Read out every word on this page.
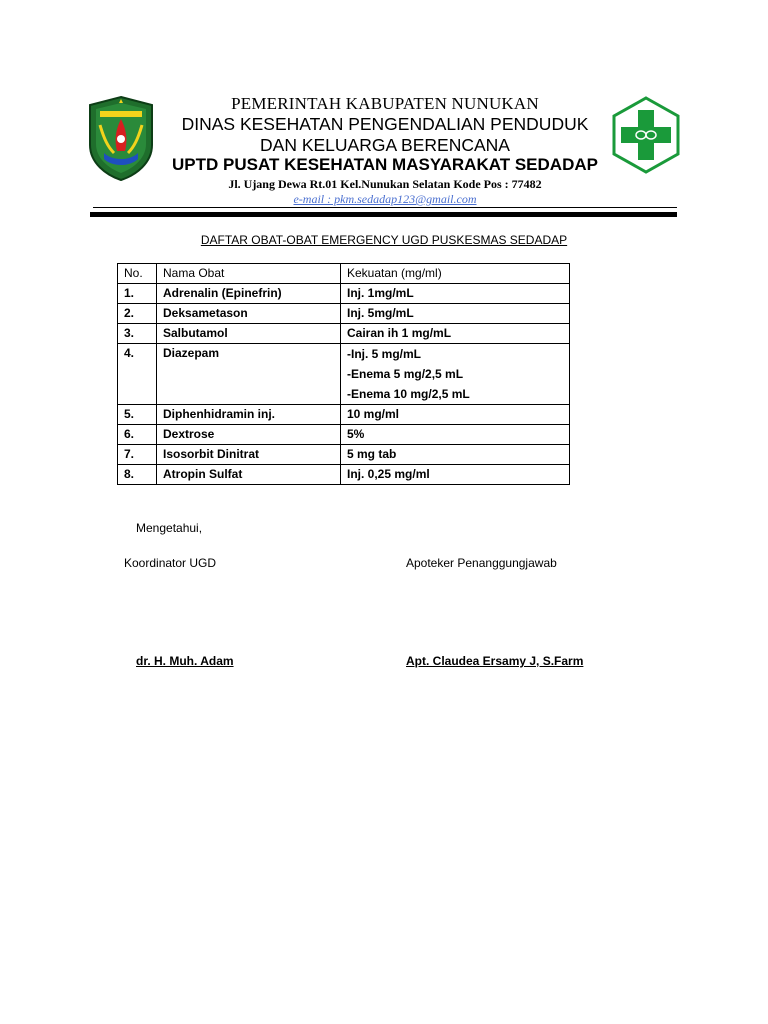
PEMERINTAH KABUPATEN NUNUKAN
DINAS KESEHATAN PENGENDALIAN PENDUDUK
DAN KELUARGA BERENCANA
UPTD PUSAT KESEHATAN MASYARAKAT SEDADAP
Jl. Ujang Dewa Rt.01 Kel.Nunukan Selatan Kode Pos : 77482
e-mail : pkm.sedadap123@gmail.com
DAFTAR OBAT-OBAT EMERGENCY UGD PUSKESMAS SEDADAP
No.	Nama Obat	Kekuatan (mg/ml)
1.	Adrenalin (Epinefrin)	Inj. 1mg/mL
2.	Deksametason	Inj. 5mg/mL
3.	Salbutamol	Cairan ih 1 mg/mL
4.	Diazepam	-Inj. 5 mg/mL
-Enema 5 mg/2,5 mL
-Enema 10 mg/2,5 mL

5.	Diphenhidramin inj.	10 mg/ml
6.	Dextrose	5%
7.	Isosorbit Dinitrat	5 mg tab
8.	Atropin Sulfat	Inj. 0,25 mg/ml
Mengetahui,
Koordinator UGD	Apoteker Penanggungjawab
dr. H. Muh. Adam	Apt. Claudea Ersamy J, S.Farm
